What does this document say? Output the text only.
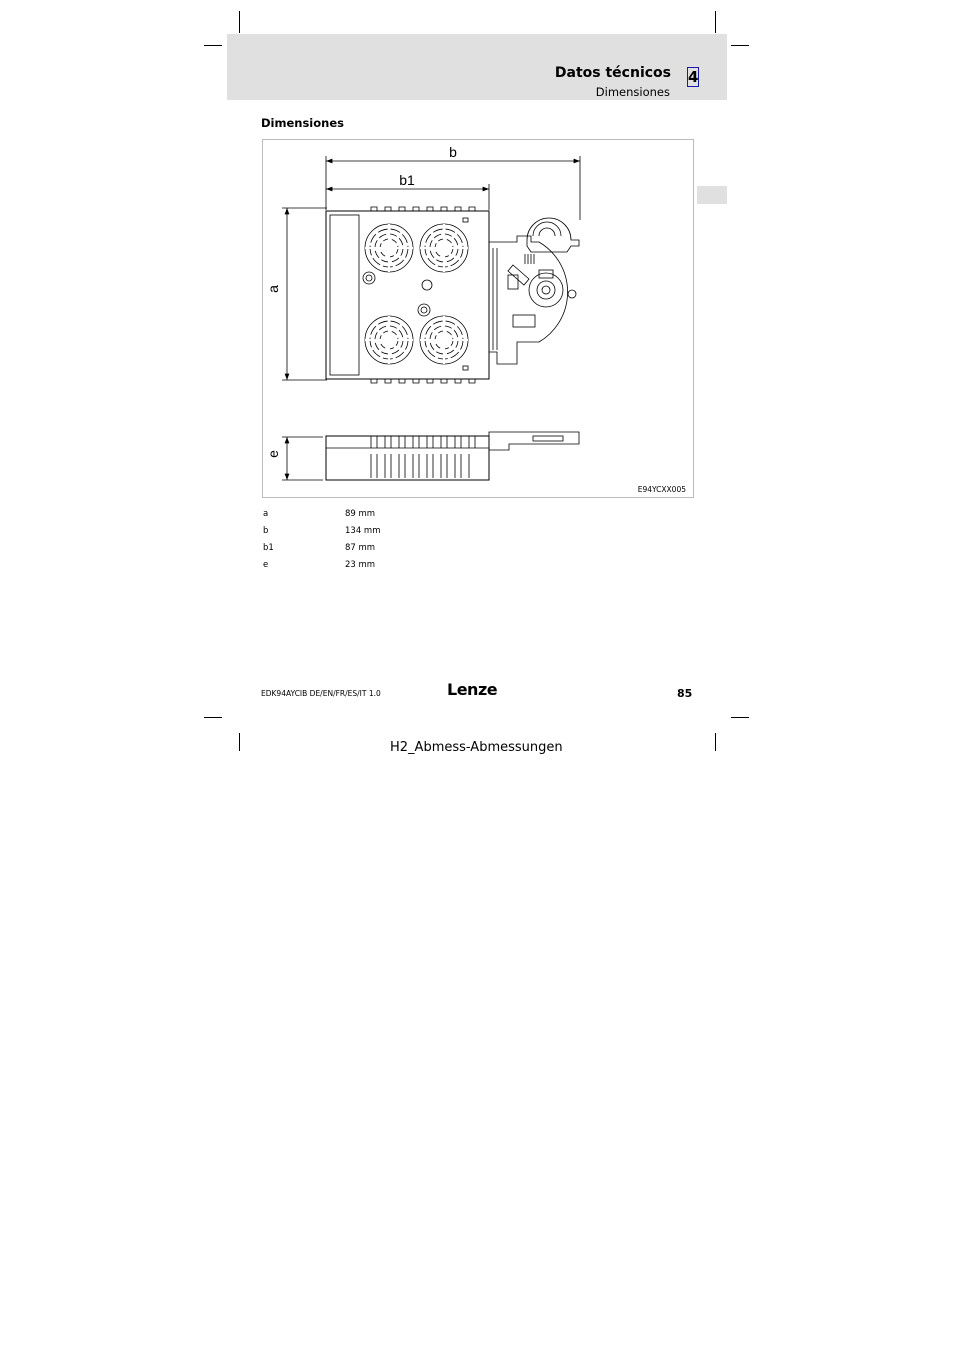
Datos técnicos
Dimensiones
4
Dimensiones
b
b1
a
e
E94YCXX005
a	89 mm
b	134 mm
b1	87 mm
e	23 mm
EDK94AYCIB DE/EN/FR/ES/IT 1.0	Lenze	85
H2_Abmess-Abmessungen
